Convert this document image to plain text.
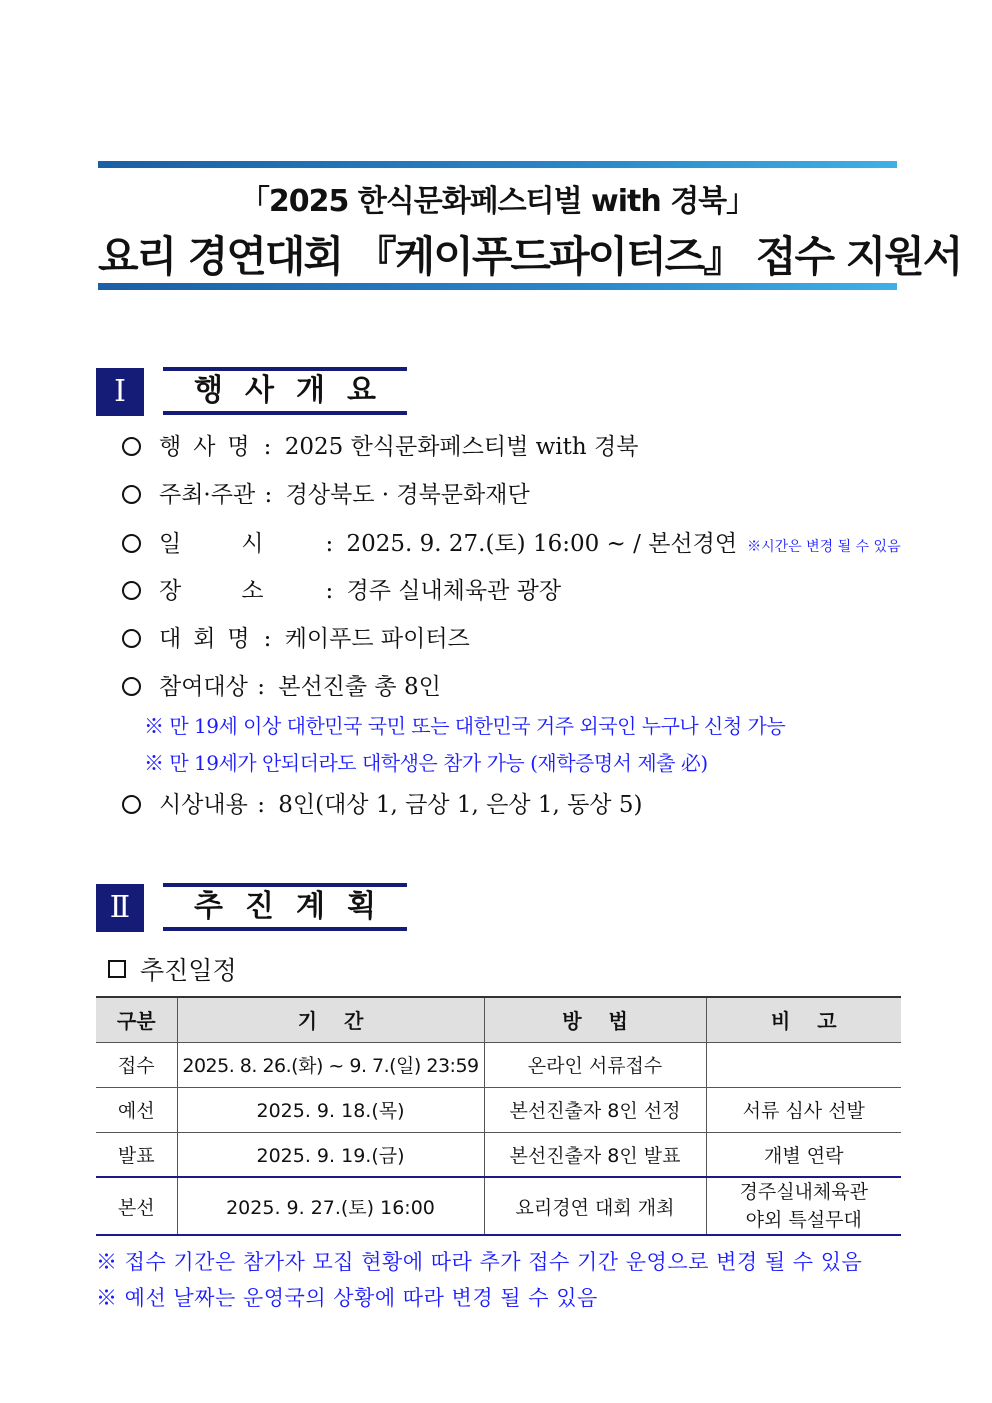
「2025 한식문화페스티벌 with 경북」
요리 경연대회 『케이푸드파이터즈』 접수 지원서
Ⅰ	행사개요
행사명: 2025 한식문화페스티벌 with 경북
주최·주관 : 경상북도 · 경북문화재단
일시: 2025. 9. 27.(토) 16:00 ~ / 본선경연 ※시간은 변경 될 수 있음
장소: 경주 실내체육관 광장
대회명: 케이푸드 파이터즈
참여대상 : 본선진출 총 8인
※ 만 19세 이상 대한민국 국민 또는 대한민국 거주 외국인 누구나 신청 가능
※ 만 19세가 안되더라도 대학생은 참가 가능 (재학증명서 제출 必)
시상내용 : 8인(대상 1, 금상 1, 은상 1, 동상 5)
Ⅱ	추진계획
추진일정
구분	기 간	방 법	비 고
접수	2025. 8. 26.(화) ~ 9. 7.(일) 23:59	온라인 서류접수	
예선	2025. 9. 18.(목)	본선진출자 8인 선정	서류 심사 선발
발표	2025. 9. 19.(금)	본선진출자 8인 발표	개별 연락
본선	2025. 9. 27.(토) 16:00	요리경연 대회 개최	경주실내체육관
야외 특설무대
※ 접수 기간은 참가자 모집 현황에 따라 추가 접수 기간 운영으로 변경 될 수 있음
※ 예선 날짜는 운영국의 상황에 따라 변경 될 수 있음
